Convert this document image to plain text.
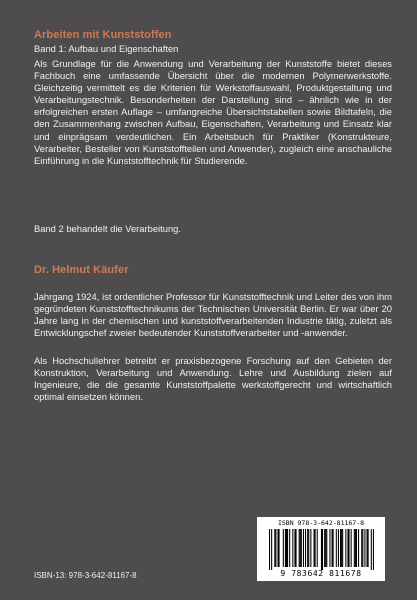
Arbeiten mit Kunststoffen
Band 1: Aufbau und Eigenschaften

Als Grundlage für die Anwendung und Verarbeitung der Kunststoffe bietet dieses Fachbuch eine umfassende Übersicht über die modernen Polymerwerkstoffe. Gleichzeitig vermittelt es die Kriterien für Werkstoffauswahl, Produktgestaltung und Verarbeitungstechnik. Besonderheiten der Darstellung sind – ähnlich wie in der erfolgreichen ersten Auflage – umfangreiche Übersichtstabellen sowie Bildtafeln, die den Zusammenhang zwischen Aufbau, Eigenschaften, Verarbeitung und Einsatz klar und einprägsam verdeutlichen. Ein Arbeitsbuch für Praktiker (Konstrukteure, Verarbeiter, Besteller von Kunststoffteilen und Anwender), zugleich eine anschauliche Einführung in die Kunststofftechnik für Studierende.

Band 2 behandelt die Verarbeitung.
Dr. Helmut Käufer

Jahrgang 1924, ist ordentlicher Professor für Kunststofftechnik und Leiter des von ihm gegründeten Kunststofftechnikums der Technischen Universität Berlin. Er war über 20 Jahre lang in der chemischen und kunststoffverarbeitenden Industrie tätig, zuletzt als Entwicklungschef zweier bedeutender Kunststoffverarbeiter und -anwender.

Als Hochschullehrer betreibt er praxisbezogene Forschung auf den Gebieten der Konstruktion, Verarbeitung und Anwendung. Lehre und Ausbildung zielen auf Ingenieure, die die gesamte Kunststoffpalette werkstoffgerecht und wirtschaftlich optimal einsetzen können.

ISBN-13: 978-3-642-81167-8
ISBN 978-3-642-81167-8
9 783642 811678
